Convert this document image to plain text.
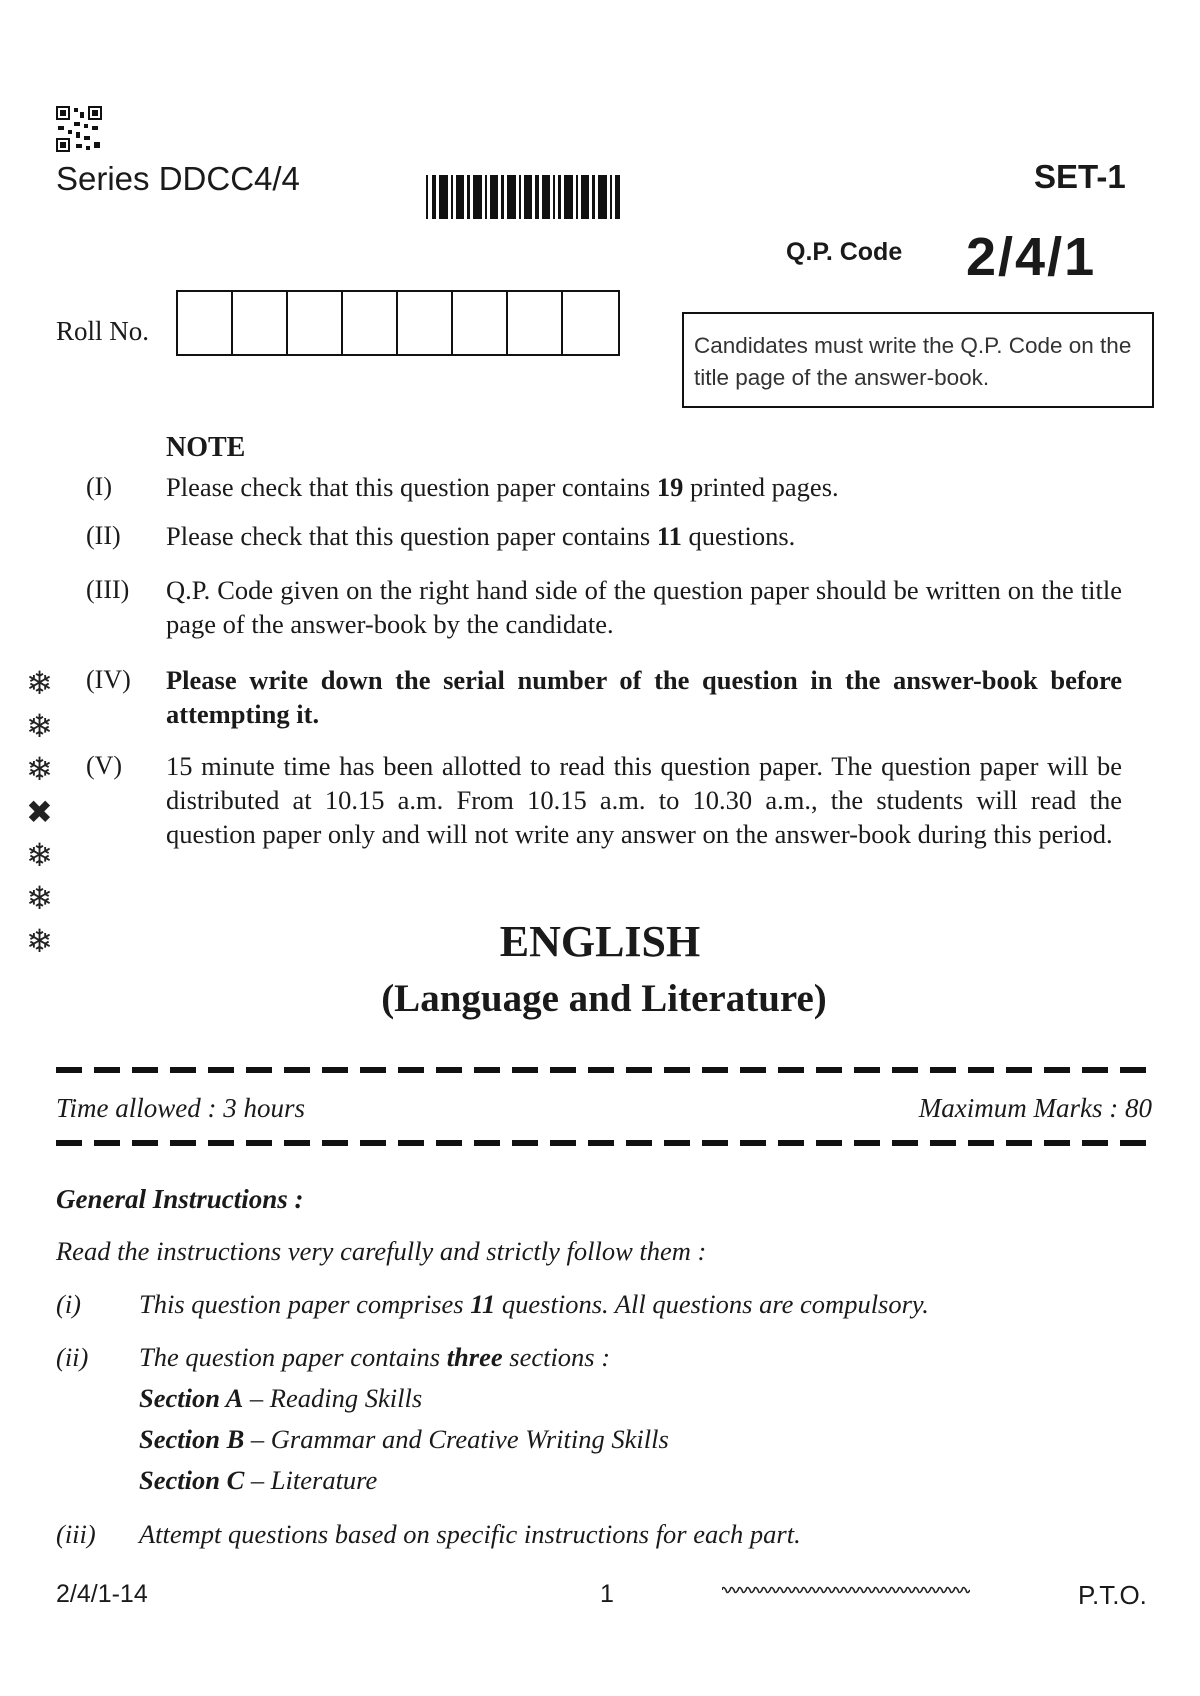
Series DDCC4/4	SET-1
Q.P. Code 2/4/1
Roll No.	Candidates must write the Q.P. Code on the title page of the answer-book.
NOTE
(I) Please check that this question paper contains 19 printed pages.
(II) Please check that this question paper contains 11 questions.
(III) Q.P. Code given on the right hand side of the question paper should be written on the title page of the answer-book by the candidate.
(IV) Please write down the serial number of the question in the answer-book before attempting it.
(V) 15 minute time has been allotted to read this question paper. The question paper will be distributed at 10.15 a.m. From 10.15 a.m. to 10.30 a.m., the students will read the question paper only and will not write any answer on the answer-book during this period.
❄
❄
❄
✖
❄
❄
❄	ENGLISH
(Language and Literature)
Time allowed : 3 hours	Maximum Marks : 80
General Instructions :
Read the instructions very carefully and strictly follow them :
(i) This question paper comprises 11 questions. All questions are compulsory.
(ii) The question paper contains three sections :
Section A – Reading Skills
Section B – Grammar and Creative Writing Skills
Section C – Literature
(iii) Attempt questions based on specific instructions for each part.
2/4/1-14	1	P.T.O.
